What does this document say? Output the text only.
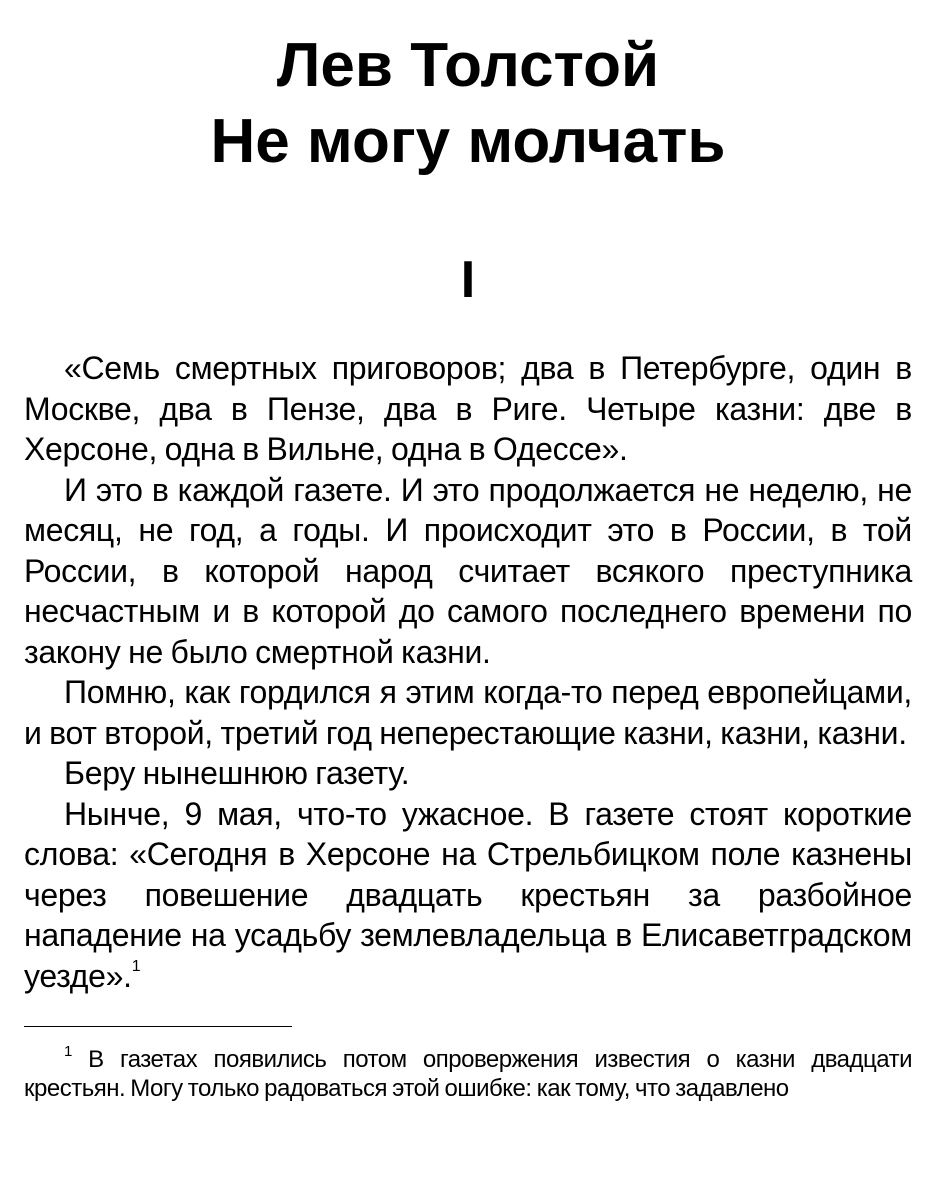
Лев Толстой
Не могу молчать
I

«Семь смертных приговоров; два в Петербурге, один в Москве, два в Пензе, два в Риге. Четыре казни: две в Херсоне, одна в Вильне, одна в Одессе».

И это в каждой газете. И это продолжается не неделю, не месяц, не год, а годы. И происходит это в России, в той России, в которой народ считает всякого преступника несчастным и в которой до самого последнего времени по закону не было смертной казни.

Помню, как гордился я этим когда-то перед европейцами, и вот второй, третий год неперестающие казни, казни, казни.

Беру нынешнюю газету.

Нынче, 9 мая, что-то ужасное. В газете стоят короткие слова: «Сегодня в Херсоне на Стрельбицком поле казнены через повешение двадцать крестьян за разбойное нападение на усадьбу землевладельца в Елисаветградском уезде».$^1$

$^1$ В газетах появились потом опровержения известия о казни двадцати крестьян. Могу только радоваться этой ошибке: как тому, что задавлено
